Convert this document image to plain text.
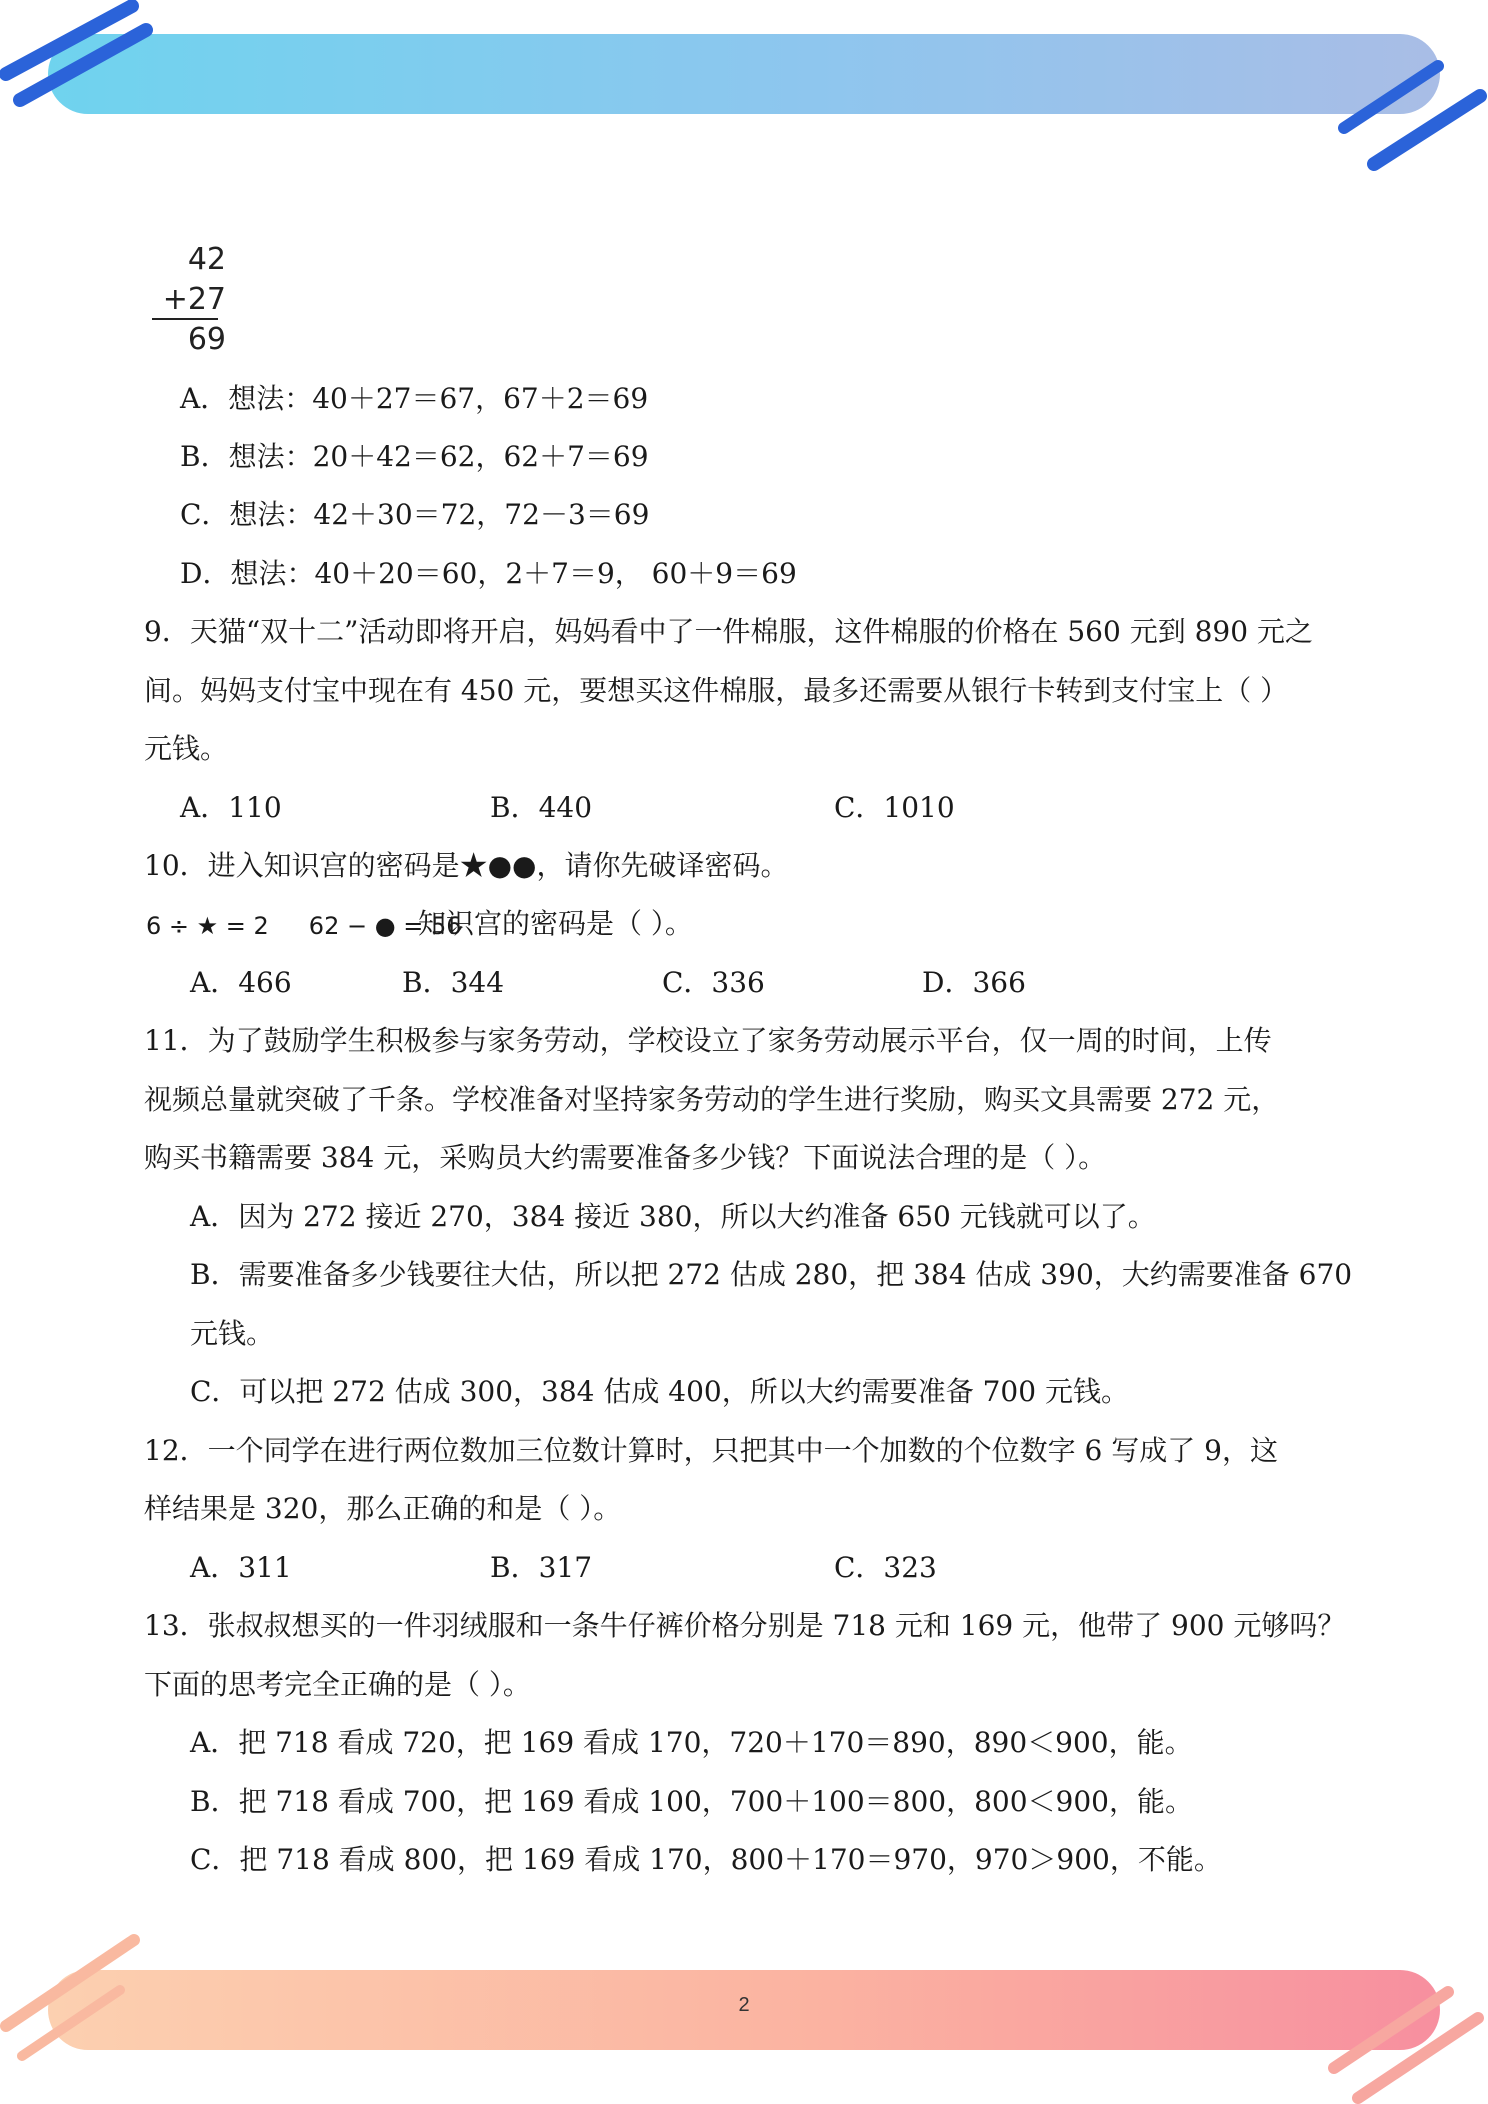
2
42
+27
69
A．想法：40＋27＝67，67＋2＝69
B．想法：20＋42＝62，62＋7＝69
C．想法：42＋30＝72，72－3＝69
D．想法：40＋20＝60，2＋7＝9， 60＋9＝69
9．天猫“双十二”活动即将开启，妈妈看中了一件棉服，这件棉服的价格在 560 元到 890 元之
间。妈妈支付宝中现在有 450 元，要想买这件棉服，最多还需要从银行卡转到支付宝上（ ）
元钱。
A．110	B．440	C．1010
10．进入知识宫的密码是★●●，请你先破译密码。
6 ÷ ★ = 2 62 − ● = 56
知识宫的密码是（ ）。
A．466	B．344	C．336	D．366
11．为了鼓励学生积极参与家务劳动，学校设立了家务劳动展示平台，仅一周的时间，上传
视频总量就突破了千条。学校准备对坚持家务劳动的学生进行奖励，购买文具需要 272 元，
购买书籍需要 384 元，采购员大约需要准备多少钱？下面说法合理的是（ ）。
A．因为 272 接近 270，384 接近 380，所以大约准备 650 元钱就可以了。
B．需要准备多少钱要往大估，所以把 272 估成 280，把 384 估成 390，大约需要准备 670
元钱。
C．可以把 272 估成 300，384 估成 400，所以大约需要准备 700 元钱。
12．一个同学在进行两位数加三位数计算时，只把其中一个加数的个位数字 6 写成了 9，这
样结果是 320，那么正确的和是（ ）。
A．311	B．317	C．323
13．张叔叔想买的一件羽绒服和一条牛仔裤价格分别是 718 元和 169 元，他带了 900 元够吗？
下面的思考完全正确的是（ ）。
A．把 718 看成 720，把 169 看成 170，720＋170＝890，890＜900，能。
B．把 718 看成 700，把 169 看成 100，700＋100＝800，800＜900，能。
C．把 718 看成 800，把 169 看成 170，800＋170＝970，970＞900，不能。
